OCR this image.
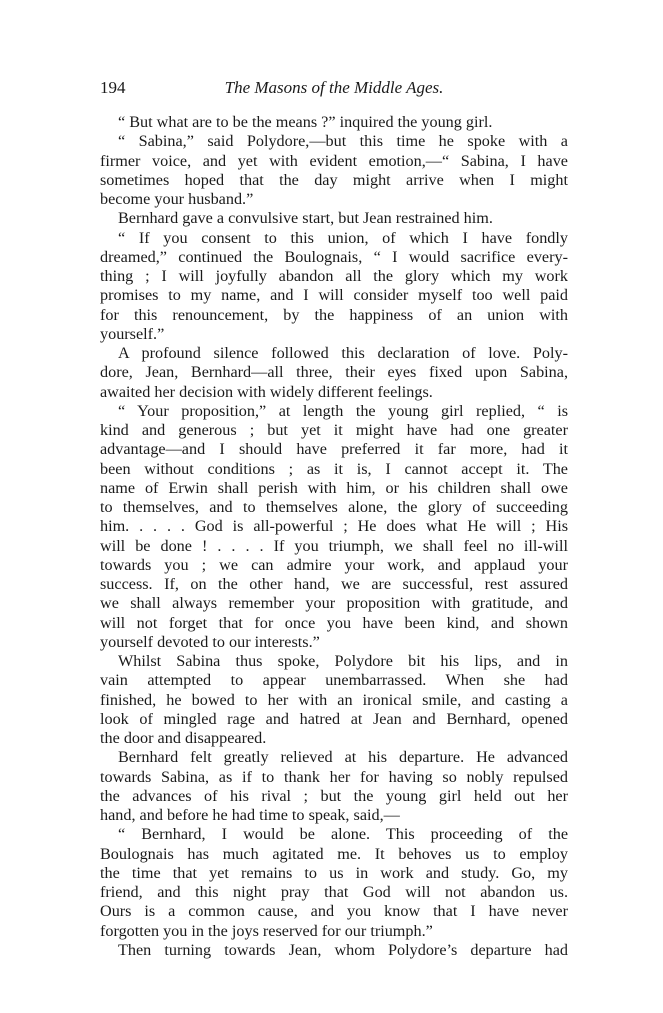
194	The Masons of the Middle Ages.
“ But what are to be the means ?” inquired the young girl.
“ Sabina,” said Polydore,—but this time he spoke with a
firmer voice, and yet with evident emotion,—“ Sabina, I have
sometimes hoped that the day might arrive when I might
become your husband.”
Bernhard gave a convulsive start, but Jean restrained him.
“ If you consent to this union, of which I have fondly
dreamed,” continued the Boulognais, “ I would sacrifice every-
thing ; I will joyfully abandon all the glory which my work
promises to my name, and I will consider myself too well paid
for this renouncement, by the happiness of an union with
yourself.”
A profound silence followed this declaration of love. Poly-
dore, Jean, Bernhard—all three, their eyes fixed upon Sabina,
awaited her decision with widely different feelings.
“ Your proposition,” at length the young girl replied, “ is
kind and generous ; but yet it might have had one greater
advantage—and I should have preferred it far more, had it
been without conditions ; as it is, I cannot accept it. The
name of Erwin shall perish with him, or his children shall owe
to themselves, and to themselves alone, the glory of succeeding
him. . . . . God is all-powerful ; He does what He will ; His
will be done ! . . . . If you triumph, we shall feel no ill-will
towards you ; we can admire your work, and applaud your
success. If, on the other hand, we are successful, rest assured
we shall always remember your proposition with gratitude, and
will not forget that for once you have been kind, and shown
yourself devoted to our interests.”
Whilst Sabina thus spoke, Polydore bit his lips, and in
vain attempted to appear unembarrassed. When she had
finished, he bowed to her with an ironical smile, and casting a
look of mingled rage and hatred at Jean and Bernhard, opened
the door and disappeared.
Bernhard felt greatly relieved at his departure. He advanced
towards Sabina, as if to thank her for having so nobly repulsed
the advances of his rival ; but the young girl held out her
hand, and before he had time to speak, said,—
“ Bernhard, I would be alone. This proceeding of the
Boulognais has much agitated me. It behoves us to employ
the time that yet remains to us in work and study. Go, my
friend, and this night pray that God will not abandon us.
Ours is a common cause, and you know that I have never
forgotten you in the joys reserved for our triumph.”
Then turning towards Jean, whom Polydore’s departure had
